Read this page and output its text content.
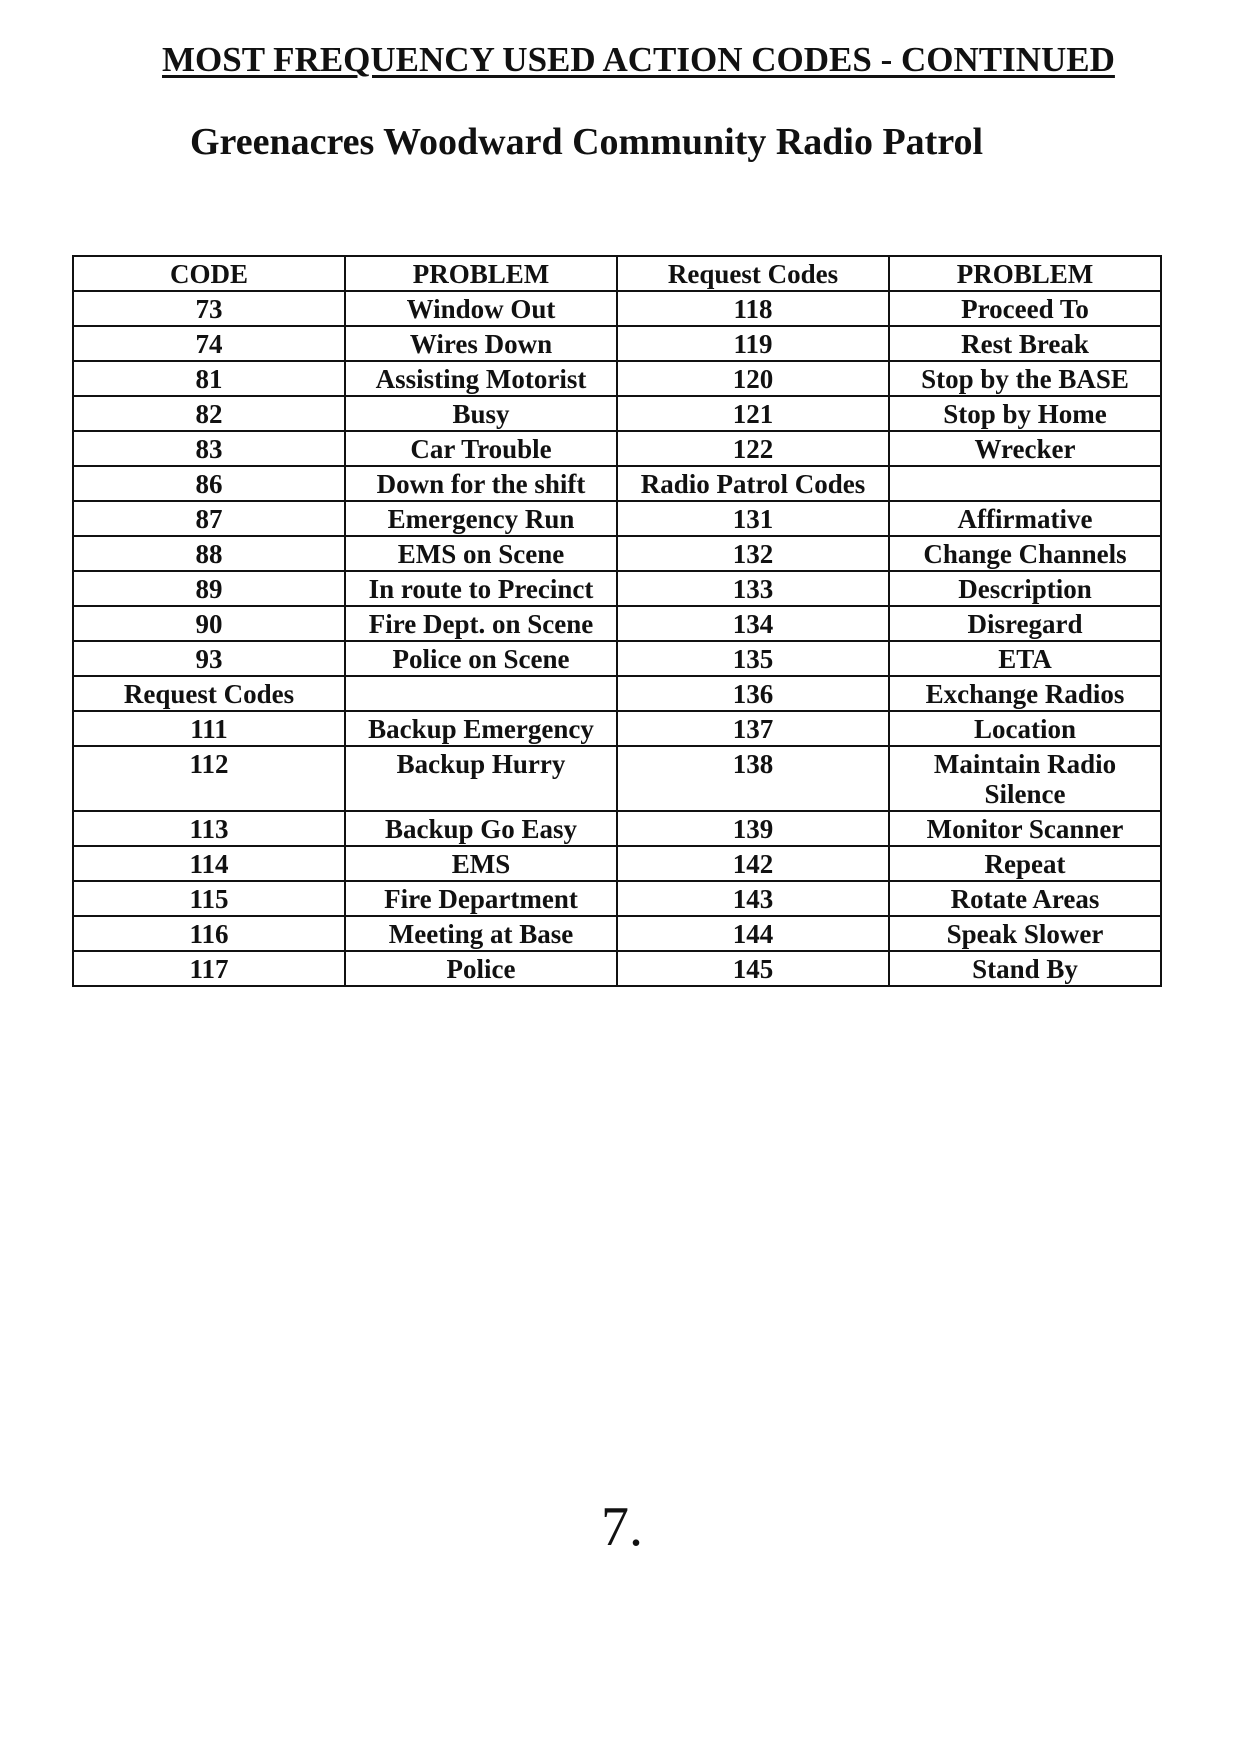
MOST FREQUENCY USED ACTION CODES - CONTINUED
Greenacres Woodward Community Radio Patrol
CODE	PROBLEM	Request Codes	PROBLEM
73	Window Out	118	Proceed To
74	Wires Down	119	Rest Break
81	Assisting Motorist	120	Stop by the BASE
82	Busy	121	Stop by Home
83	Car Trouble	122	Wrecker
86	Down for the shift	Radio Patrol Codes	
87	Emergency Run	131	Affirmative
88	EMS on Scene	132	Change Channels
89	In route to Precinct	133	Description
90	Fire Dept. on Scene	134	Disregard
93	Police on Scene	135	ETA
Request Codes		136	Exchange Radios
111	Backup Emergency	137	Location
112	Backup Hurry	138	Maintain Radio Silence
113	Backup Go Easy	139	Monitor Scanner
114	EMS	142	Repeat
115	Fire Department	143	Rotate Areas
116	Meeting at Base	144	Speak Slower
117	Police	145	Stand By
7.
